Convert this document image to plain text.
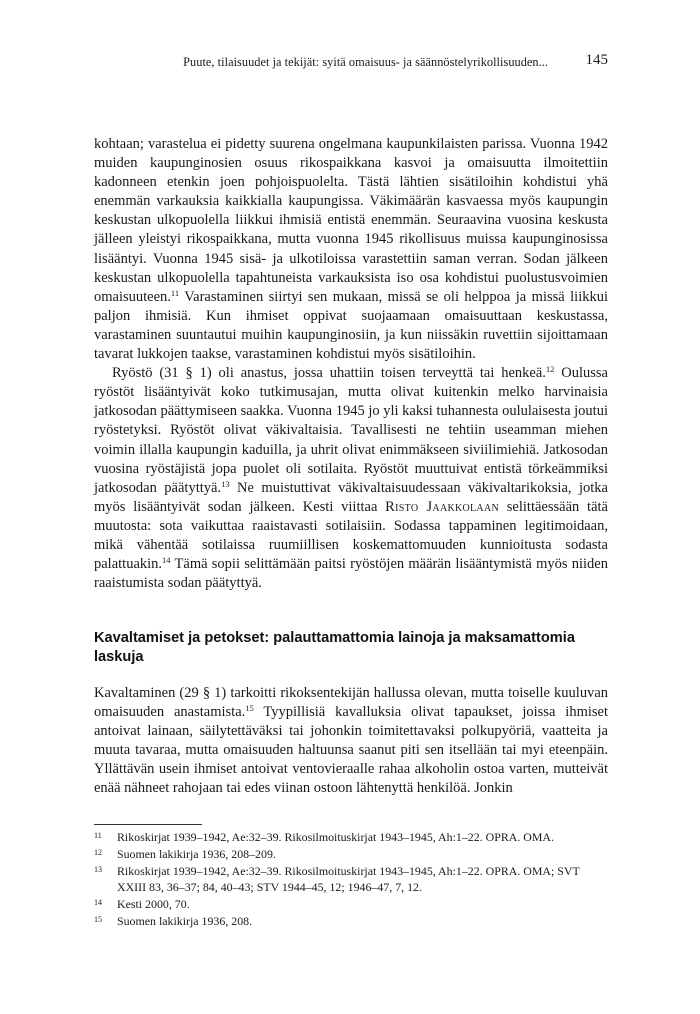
Puute, tilaisuudet ja tekijät: syitä omaisuus- ja säännöstelyrikollisuuden...	145

kohtaan; varastelua ei pidetty suurena ongelmana kaupunkilaisten parissa. Vuonna 1942 muiden kaupunginosien osuus rikospaikkana kasvoi ja omaisuutta ilmoitettiin kadonneen etenkin joen pohjoispuolelta. Tästä lähtien sisätiloihin kohdistui yhä enemmän varkauksia kaikkialla kaupungissa. Väkimäärän kasvaessa myös kaupungin keskustan ulkopuolella liikkui ihmisiä entistä enemmän. Seuraavina vuosina keskusta jälleen yleistyi rikospaikkana, mutta vuonna 1945 rikollisuus muissa kaupunginosissa lisääntyi. Vuonna 1945 sisä- ja ulkotiloissa varastettiin saman verran. Sodan jälkeen keskustan ulkopuolella tapahtuneista varkauksista iso osa kohdistui puolustusvoimien omaisuuteen.$^{11}$ Varastaminen siirtyi sen mukaan, missä se oli helppoa ja missä liikkui paljon ihmisiä. Kun ihmiset oppivat suojaamaan omaisuuttaan keskustassa, varastaminen suuntautui muihin kaupunginosiin, ja kun niissäkin ruvettiin sijoittamaan tavarat lukkojen taakse, varastaminen kohdistui myös sisätiloihin.

Ryöstö (31 § 1) oli anastus, jossa uhattiin toisen terveyttä tai henkeä.$^{12}$ Oulussa ryöstöt lisääntyivät koko tutkimusajan, mutta olivat kuitenkin melko harvinaisia jatkosodan päättymiseen saakka. Vuonna 1945 jo yli kaksi tuhannesta oululaisesta joutui ryöstetyksi. Ryöstöt olivat väkivaltaisia. Tavallisesti ne tehtiin useamman miehen voimin illalla kaupungin kaduilla, ja uhrit olivat enimmäkseen siviilimiehiä. Jatkosodan vuosina ryöstäjistä jopa puolet oli sotilaita. Ryöstöt muuttuivat entistä törkeämmiksi jatkosodan päätyttyä.$^{13}$ Ne muistuttivat väkivaltaisuudessaan väkivaltarikoksia, jotka myös lisääntyivät sodan jälkeen. Kesti viittaa Risto Jaakkolaan selittäessään tätä muutosta: sota vaikuttaa raaistavasti sotilaisiin. Sodassa tappaminen legitimoidaan, mikä vähentää sotilaissa ruumiillisen koskemattomuuden kunnioitusta sodasta palattuakin.$^{14}$ Tämä sopii selittämään paitsi ryöstöjen määrän lisääntymistä myös niiden raaistumista sodan päätyttyä.

Kavaltamiset ja petokset: palauttamattomia lainoja ja maksamattomia laskuja

Kavaltaminen (29 § 1) tarkoitti rikoksentekijän hallussa olevan, mutta toiselle kuuluvan omaisuuden anastamista.$^{15}$ Tyypillisiä kavalluksia olivat tapaukset, joissa ihmiset antoivat lainaan, säilytettäväksi tai johonkin toimitettavaksi polkupyöriä, vaatteita ja muuta tavaraa, mutta omaisuuden haltuunsa saanut piti sen itsellään tai myi eteenpäin. Yllättävän usein ihmiset antoivat ventovieraalle rahaa alkoholin ostoa varten, mutteivät enää nähneet rahojaan tai edes viinan ostoon lähtenyttä henkilöä. Jonkin

11 Rikoskirjat 1939–1942, Ae:32–39. Rikosilmoituskirjat 1943–1945, Ah:1–22. OPRA. OMA.
12 Suomen lakikirja 1936, 208–209.
13 Rikoskirjat 1939–1942, Ae:32–39. Rikosilmoituskirjat 1943–1945, Ah:1–22. OPRA. OMA; SVT XXIII 83, 36–37; 84, 40–43; STV 1944–45, 12; 1946–47, 7, 12.
14 Kesti 2000, 70.
15 Suomen lakikirja 1936, 208.
